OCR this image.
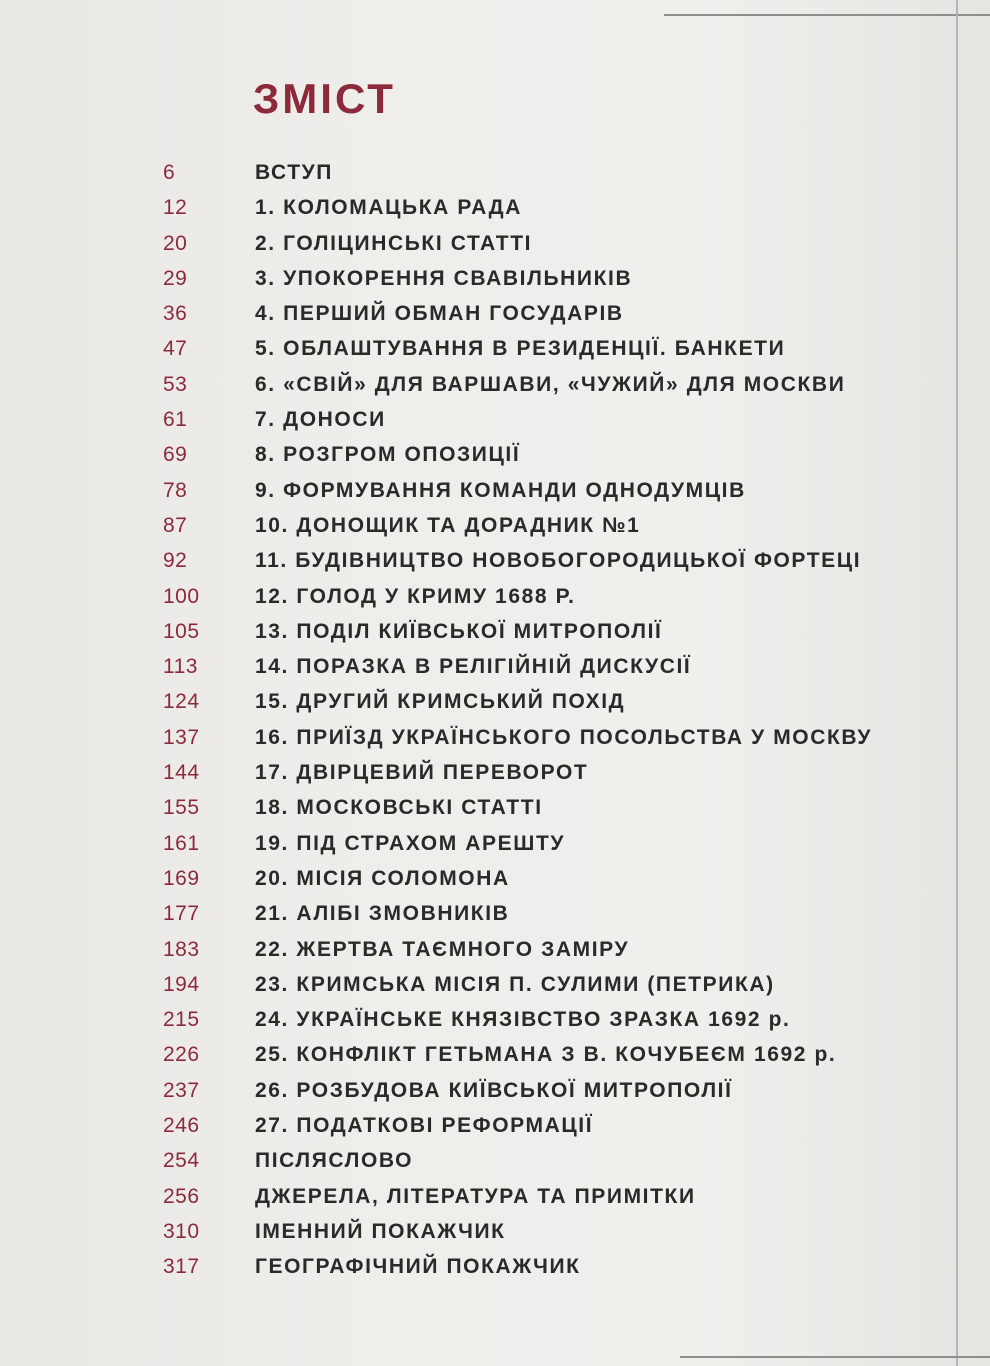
ЗМІСТ
6	ВСТУП
12	1. КОЛОМАЦЬКА РАДА
20	2. ГОЛІЦИНСЬКІ СТАТТІ
29	3. УПОКОРЕННЯ СВАВІЛЬНИКІВ
36	4. ПЕРШИЙ ОБМАН ГОСУДАРІВ
47	5. ОБЛАШТУВАННЯ В РЕЗИДЕНЦІЇ. БАНКЕТИ
53	6. «СВІЙ» ДЛЯ ВАРШАВИ, «ЧУЖИЙ» ДЛЯ МОСКВИ
61	7. ДОНОСИ
69	8. РОЗГРОМ ОПОЗИЦІЇ
78	9. ФОРМУВАННЯ КОМАНДИ ОДНОДУМЦІВ
87	10. ДОНОЩИК ТА ДОРАДНИК №1
92	11. БУДІВНИЦТВО НОВОБОГОРОДИЦЬКОЇ ФОРТЕЦІ
100	12. ГОЛОД У КРИМУ 1688 Р.
105	13. ПОДІЛ КИЇВСЬКОЇ МИТРОПОЛІЇ
113	14. ПОРАЗКА В РЕЛІГІЙНІЙ ДИСКУСІЇ
124	15. ДРУГИЙ КРИМСЬКИЙ ПОХІД
137	16. ПРИЇЗД УКРАЇНСЬКОГО ПОСОЛЬСТВА У МОСКВУ
144	17. ДВІРЦЕВИЙ ПЕРЕВОРОТ
155	18. МОСКОВСЬКІ СТАТТІ
161	19. ПІД СТРАХОМ АРЕШТУ
169	20. МІСІЯ СОЛОМОНА
177	21. АЛІБІ ЗМОВНИКІВ
183	22. ЖЕРТВА ТАЄМНОГО ЗАМІРУ
194	23. КРИМСЬКА МІСІЯ П. СУЛИМИ (ПЕТРИКА)
215	24. УКРАЇНСЬКЕ КНЯЗІВСТВО ЗРАЗКА 1692 р.
226	25. КОНФЛІКТ ГЕТЬМАНА З В. КОЧУБЕЄМ 1692 р.
237	26. РОЗБУДОВА КИЇВСЬКОЇ МИТРОПОЛІЇ
246	27. ПОДАТКОВІ РЕФОРМАЦІЇ
254	ПІСЛЯСЛОВО
256	ДЖЕРЕЛА, ЛІТЕРАТУРА ТА ПРИМІТКИ
310	ІМЕННИЙ ПОКАЖЧИК
317	ГЕОГРАФІЧНИЙ ПОКАЖЧИК
